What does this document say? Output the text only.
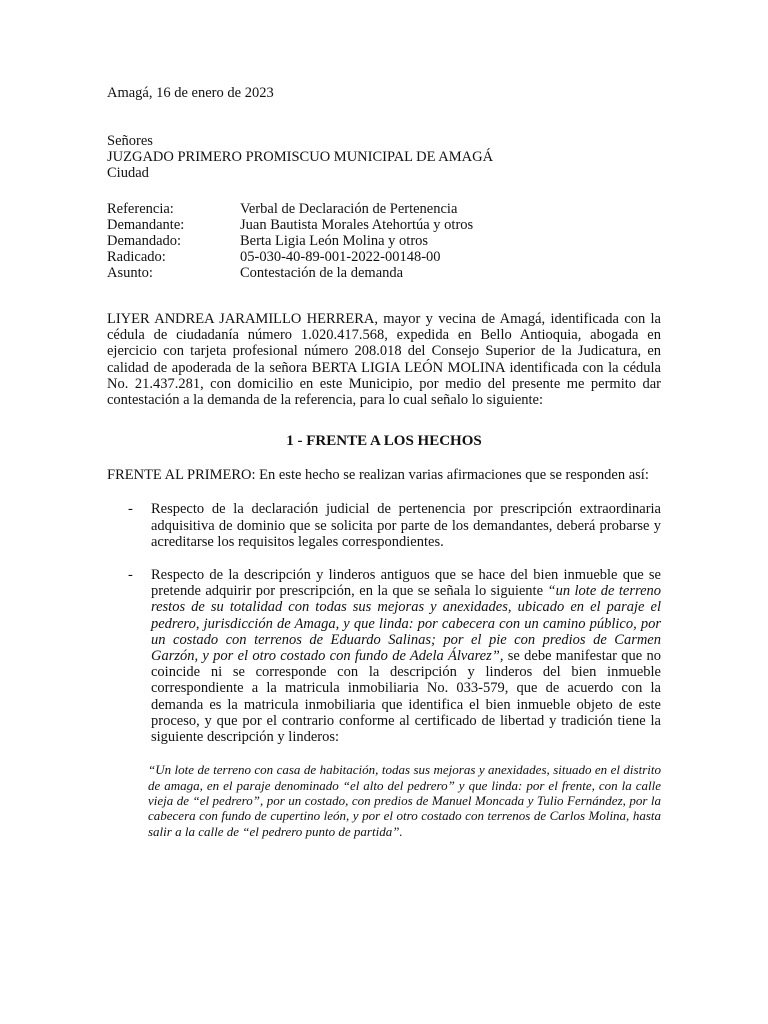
Amagá, 16 de enero de 2023
Señores
JUZGADO PRIMERO PROMISCUO MUNICIPAL DE AMAGÁ
Ciudad
Referencia:	Verbal de Declaración de Pertenencia
Demandante:	Juan Bautista Morales Atehortúa y otros
Demandado:	Berta Ligia León Molina y otros
Radicado:	05-030-40-89-001-2022-00148-00
Asunto:	Contestación de la demanda

LIYER ANDREA JARAMILLO HERRERA, mayor y vecina de Amagá, identificada con la cédula de ciudadanía número 1.020.417.568, expedida en Bello Antioquia, abogada en ejercicio con tarjeta profesional número 208.018 del Consejo Superior de la Judicatura, en calidad de apoderada de la señora BERTA LIGIA LEÓN MOLINA identificada con la cédula No. 21.437.281, con domicilio en este Municipio, por medio del presente me permito dar contestación a la demanda de la referencia, para lo cual señalo lo siguiente:

1 - FRENTE A LOS HECHOS

FRENTE AL PRIMERO: En este hecho se realizan varias afirmaciones que se responden así:

- Respecto de la declaración judicial de pertenencia por prescripción extraordinaria adquisitiva de dominio que se solicita por parte de los demandantes, deberá probarse y acreditarse los requisitos legales correspondientes.

- Respecto de la descripción y linderos antiguos que se hace del bien inmueble que se pretende adquirir por prescripción, en la que se señala lo siguiente “un lote de terreno restos de su totalidad con todas sus mejoras y anexidades, ubicado en el paraje el pedrero, jurisdicción de Amaga, y que linda: por cabecera con un camino público, por un costado con terrenos de Eduardo Salinas; por el pie con predios de Carmen Garzón, y por el otro costado con fundo de Adela Álvarez”, se debe manifestar que no coincide ni se corresponde con la descripción y linderos del bien inmueble correspondiente a la matricula inmobiliaria No. 033-579, que de acuerdo con la demanda es la matricula inmobiliaria que identifica el bien inmueble objeto de este proceso, y que por el contrario conforme al certificado de libertad y tradición tiene la siguiente descripción y linderos:

“Un lote de terreno con casa de habitación, todas sus mejoras y anexidades, situado en el distrito de amaga, en el paraje denominado “el alto del pedrero” y que linda: por el frente, con la calle vieja de “el pedrero”, por un costado, con predios de Manuel Moncada y Tulio Fernández, por la cabecera con fundo de cupertino león, y por el otro costado con terrenos de Carlos Molina, hasta salir a la calle de “el pedrero punto de partida”.
